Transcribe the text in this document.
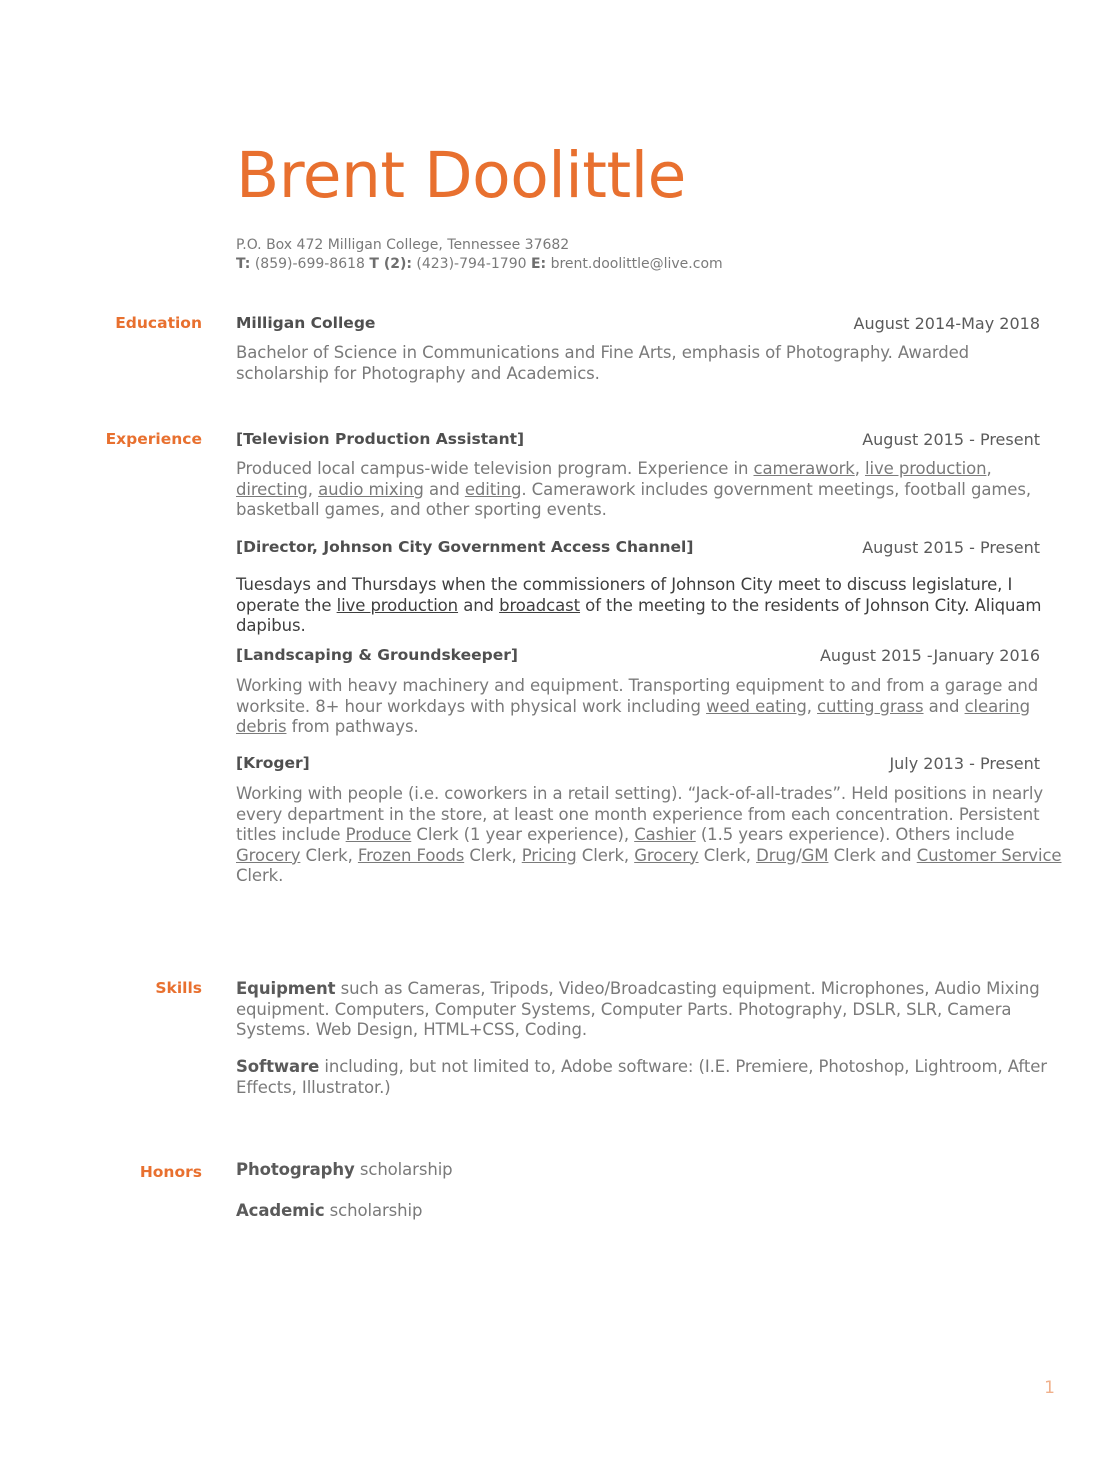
Brent Doolittle
P.O. Box 472 Milligan College, Tennessee 37682
T: (859)-699-8618 T (2): (423)-794-1790 E: brent.doolittle@live.com
Education Milligan College	August 2014-May 2018

Bachelor of Science in Communications and Fine Arts, emphasis of Photography. Awarded scholarship for Photography and Academics.

Experience [Television Production Assistant]	August 2015 - Present

Produced local campus-wide television program. Experience in camerawork, live production, directing, audio mixing and editing. Camerawork includes government meetings, football games, basketball games, and other sporting events.

[Director, Johnson City Government Access Channel]	August 2015 - Present

Tuesdays and Thursdays when the commissioners of Johnson City meet to discuss legislature, I operate the live production and broadcast of the meeting to the residents of Johnson City. Aliquam dapibus.

[Landscaping & Groundskeeper]	August 2015 -January 2016

Working with heavy machinery and equipment. Transporting equipment to and from a garage and worksite. 8+ hour workdays with physical work including weed eating, cutting grass and clearing debris from pathways.

[Kroger]	July 2013 - Present

Working with people (i.e. coworkers in a retail setting). “Jack-of-all-trades”. Held positions in nearly every department in the store, at least one month experience from each concentration. Persistent titles include Produce Clerk (1 year experience), Cashier (1.5 years experience). Others include Grocery Clerk, Frozen Foods Clerk, Pricing Clerk, Grocery Clerk, Drug/GM Clerk and Customer Service Clerk.

Skills Equipment such as Cameras, Tripods, Video/Broadcasting equipment. Microphones, Audio Mixing equipment. Computers, Computer Systems, Computer Parts. Photography, DSLR, SLR, Camera Systems. Web Design, HTML+CSS, Coding.

Software including, but not limited to, Adobe software: (I.E. Premiere, Photoshop, Lightroom, After Effects, Illustrator.)

Honors Photography scholarship

Academic scholarship

1
